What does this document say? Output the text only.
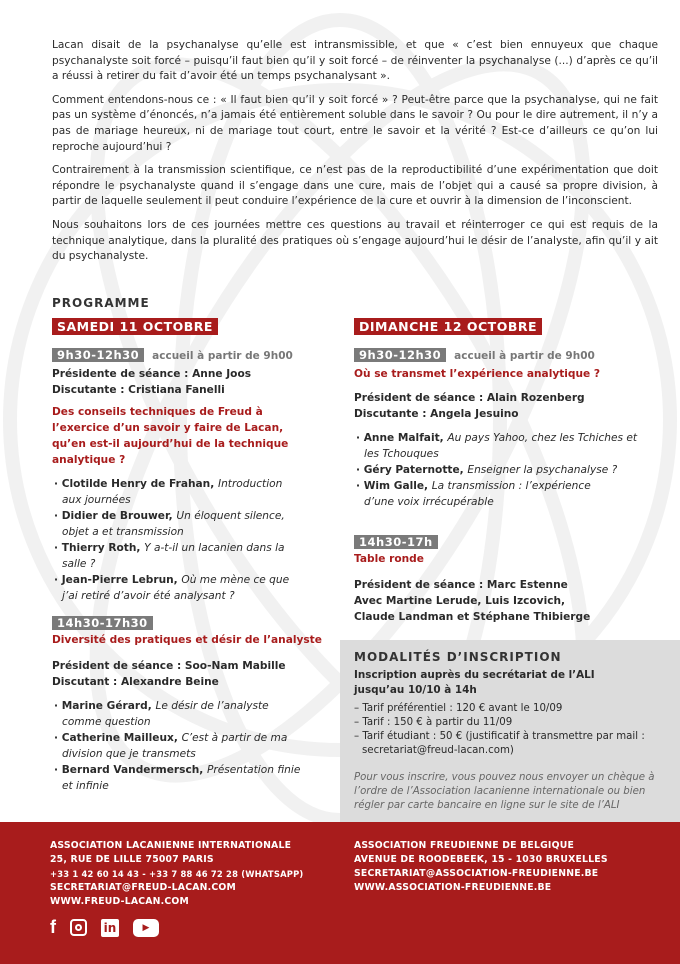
Lacan disait de la psychanalyse qu’elle est intransmissible, et que « c’est bien ennuyeux que chaque psychanalyste soit forcé – puisqu’il faut bien qu’il y soit forcé – de réinventer la psychanalyse (...) d’après ce qu’il a réussi à retirer du fait d’avoir été un temps psychanalysant ».

Comment entendons-nous ce : « Il faut bien qu’il y soit forcé » ? Peut-être parce que la psychanalyse, qui ne fait pas un système d’énoncés, n’a jamais été entièrement soluble dans le savoir ? Ou pour le dire autrement, il n’y a pas de mariage heureux, ni de mariage tout court, entre le savoir et la vérité ? Est-ce d’ailleurs ce qu’on lui reproche aujourd’hui ?

Contrairement à la transmission scientifique, ce n’est pas de la reproductibilité d’une expérimentation que doit répondre le psychanalyste quand il s’engage dans une cure, mais de l’objet qui a causé sa propre division, à partir de laquelle seulement il peut conduire l’expérience de la cure et ouvrir à la dimension de l’inconscient.

Nous souhaitons lors de ces journées mettre ces questions au travail et réinterroger ce qui est requis de la technique analytique, dans la pluralité des pratiques où s’engage aujourd’hui le désir de l’analyste, afin qu’il y ait du psychanalyste.

PROGRAMME
SAMEDI 11 OCTOBRE
9h30-12h30 accueil à partir de 9h00
Présidente de séance : Anne Joos
Discutante : Cristiana Fanelli
Des conseils techniques de Freud à l’exercice d’un savoir y faire de Lacan, qu’en est-il aujourd’hui de la technique analytique ?
· Clotilde Henry de Frahan, Introduction aux journées
· Didier de Brouwer, Un éloquent silence, objet a et transmission
· Thierry Roth, Y a-t-il un lacanien dans la salle ?
· Jean-Pierre Lebrun, Où me mène ce que j’ai retiré d’avoir été analysant ?
14h30-17h30
Diversité des pratiques et désir de l’analyste
Président de séance : Soo-Nam Mabille
Discutant : Alexandre Beine
· Marine Gérard, Le désir de l’analyste comme question
· Catherine Mailleux, C’est à partir de ma division que je transmets
· Bernard Vandermersch, Présentation finie et infinie
DIMANCHE 12 OCTOBRE
9h30-12h30 accueil à partir de 9h00
Où se transmet l’expérience analytique ?
Président de séance : Alain Rozenberg
Discutante : Angela Jesuino
· Anne Malfait, Au pays Yahoo, chez les Tchiches et les Tchouques
· Géry Paternotte, Enseigner la psychanalyse ?
· Wim Galle, La transmission : l’expérience d’une voix irrécupérable
14h30-17h
Table ronde
Président de séance : Marc Estenne
Avec Martine Lerude, Luis Izcovich,
Claude Landman et Stéphane Thibierge
MODALITÉS D’INSCRIPTION
Inscription auprès du secrétariat de l’ALI
jusqu’au 10/10 à 14h
– Tarif préférentiel : 120 € avant le 10/09
– Tarif : 150 € à partir du 11/09
– Tarif étudiant : 50 € (justificatif à transmettre par mail : secretariat@freud-lacan.com)
Pour vous inscrire, vous pouvez nous envoyer un chèque à l’ordre de l’Association lacanienne internationale ou bien régler par carte bancaire en ligne sur le site de l’ALI
ASSOCIATION LACANIENNE INTERNATIONALE
25, RUE DE LILLE 75007 PARIS
+33 1 42 60 14 43 - +33 7 88 46 72 28 (WHATSAPP)
SECRETARIAT@FREUD-LACAN.COM
WWW.FREUD-LACAN.COM
ASSOCIATION FREUDIENNE DE BELGIQUE
AVENUE DE ROODEBEEK, 15 - 1030 BRUXELLES
SECRETARIAT@ASSOCIATION-FREUDIENNE.BE
WWW.ASSOCIATION-FREUDIENNE.BE
f	in	▶
